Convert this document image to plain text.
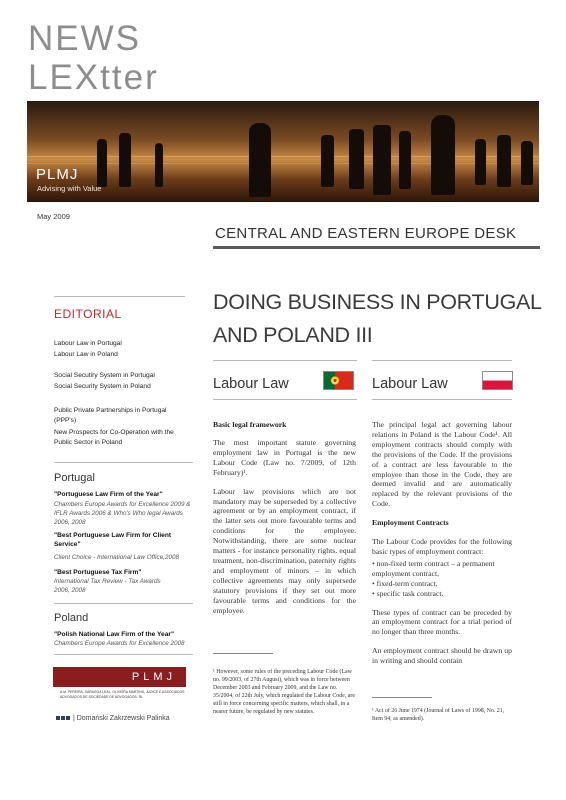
NEWS
LEXtter
PLMJ
Advising with Value
May 2009
CENTRAL AND EASTERN EUROPE DESK
DOING BUSINESS IN PORTUGAL
AND POLAND III
EDITORIAL
Labour Law in Portugal
Labour Law in Poland
Social Secutiry System in Portugal
Social Security System in Poland
Public Private Partnerships in Portugal (PPP's)
New Prospects for Co-Operation with the Public Sector in Poland
Portugal
"Portuguese Law Firm of the Year"
Chambers Europe Awards for Excellence 2009 & IFLR Awards 2006 & Who's Who legal Awards 2006, 2008
"Best Portuguese Law Firm for Client Service"
Client Choice - International Law Office,2008
"Best Portuguese Tax Firm"
International Tax Review - Tax Awards 2006, 2008
Poland
"Polish National Law Firm of the Year"
Chambers Europe Awards for Excellence 2008
PLMJ
A.M. PEREIRA, SÁRAGGA LEAL, OLIVEIRA MARTINS, JÚDICE E ASSOCIADOS ADVOGADOS DE SOCIEDADE DE ADVOGADOS, RL
| Domański Zakrzewski Palinka
Labour Law
Basic legal framework

The most important statute governing employment law in Portugal is the new Labour Code (Law no. 7/2009, of 12th February)¹.

Labour law provisions which are not mandatory may be superseded by a collective agreement or by an employment contract, if the latter sets out more favourable terms and conditions for the employee. Notwithstanding, there are some nuclear matters - for instance personality rights, equal treatment, non-discrimination, paternity rights and employment of minors – in which collective agreements may only supersede statutory provisions if they set out more favourable terms and conditions for the employee.

¹ However, some rules of the preceding Labour Code (Law no. 99/2003, of 27th August), which was in force between December 2003 and February 2009, and the Law no. 35/2004, of 22th July, which regulated the Labour Code, are still in force concerning specific matters, which shall, in a nearer future, be regulated by new statutes.
Labour Law

The principal legal act governing labour relations in Poland is the Labour Code¹. All employment contracts should comply with the provisions of the Code. If the provisions of a contract are less favourable to the employee than those in the Code, they are deemed invalid and are automatically replaced by the relevant provisions of the Code.

Employment Contracts

The Labour Code provides for the following basic types of employment contract:

• non-fixed term contract – a permanent employment contract,
• fixed-term contract,
• specific task contract.

These types of contract can be preceded by an employment contract for a trial period of no longer than three months.

An employment contract should be drawn up in writing and should contain

¹ Act of 26 June 1974 (Journal of Laws of 1998, No. 21, Item 94, as amended).
